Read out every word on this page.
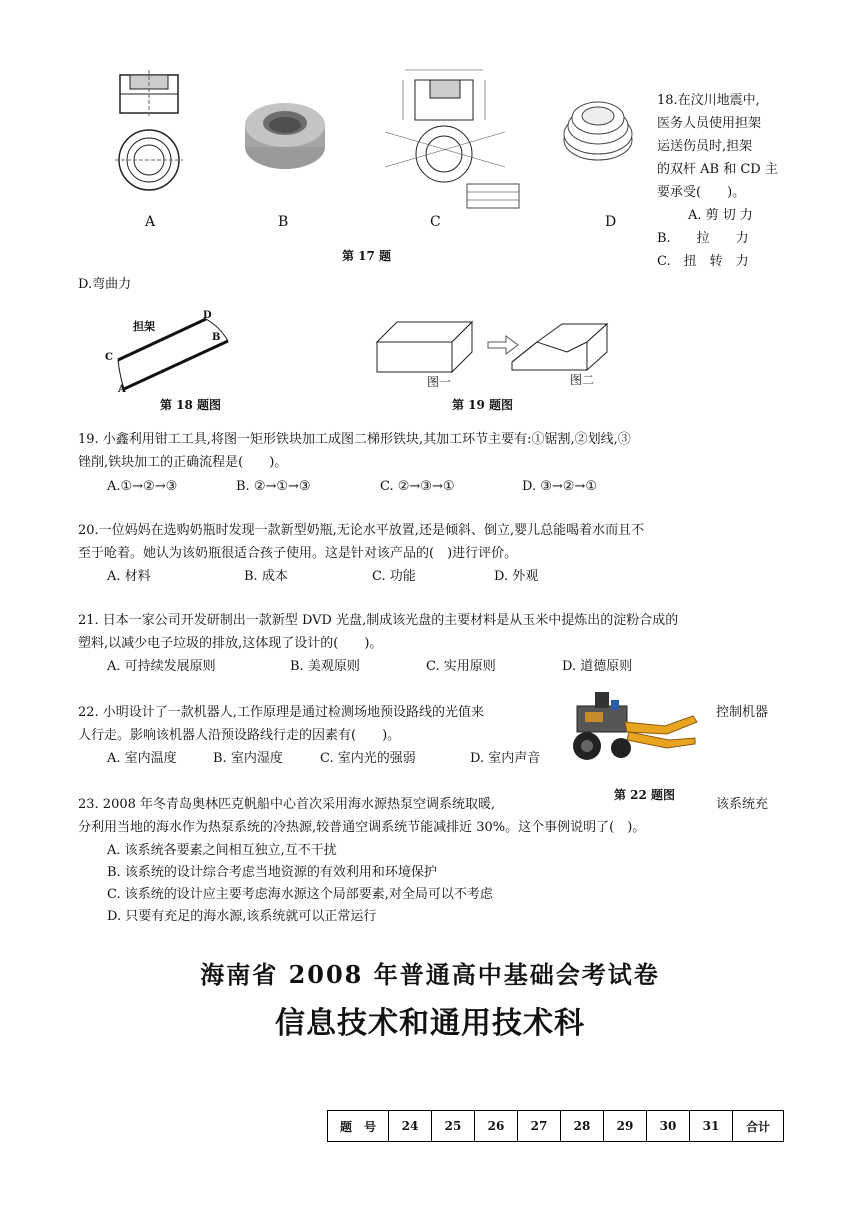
A	B	C	D
第 17 题
18.在汶川地震中,
医务人员使用担架
运送伤员时,担架
的双杆 AB 和 CD 主
要承受(　　)。
A. 剪 切 力
B.　　拉　　力
C.　扭　转　力
D.弯曲力
担架
D
B
C
A
第 18 题图
图一	图二
第 19 题图
19. 小鑫利用钳工工具,将图一矩形铁块加工成图二梯形铁块,其加工环节主要有:①锯割,②划线,③
锉削,铁块加工的正确流程是(　　)。
A.①→②→③	B. ②→①→③	C. ②→③→①	D. ③→②→①
20.一位妈妈在选购奶瓶时发现一款新型奶瓶,无论水平放置,还是倾斜、倒立,婴儿总能喝着水而且不
至于呛着。她认为该奶瓶很适合孩子使用。这是针对该产品的(　)进行评价。
A. 材料	B. 成本	C. 功能	D. 外观
21. 日本一家公司开发研制出一款新型 DVD 光盘,制成该光盘的主要材料是从玉米中提炼出的淀粉合成的
塑料,以减少电子垃圾的排放,这体现了设计的(　　)。
A. 可持续发展原则	B. 美观原则	C. 实用原则	D. 道德原则
22. 小明设计了一款机器人,工作原理是通过检测场地预设路线的光值来	控制机器
人行走。影响该机器人沿预设路线行走的因素有(　　)。
A. 室内温度	B. 室内湿度	C. 室内光的强弱	D. 室内声音
第 22 题图
23. 2008 年冬青岛奥林匹克帆船中心首次采用海水源热泵空调系统取暖,	该系统充
分利用当地的海水作为热泵系统的冷热源,较普通空调系统节能减排近 30%。这个事例说明了(　)。
A. 该系统各要素之间相互独立,互不干扰
B. 该系统的设计综合考虑当地资源的有效利用和环境保护
C. 该系统的设计应主要考虑海水源这个局部要素,对全局可以不考虑
D. 只要有充足的海水源,该系统就可以正常运行
海南省 2008 年普通高中基础会考试卷
信息技术和通用技术科
题　号	24	25	26	27	28	29	30	31	合计
